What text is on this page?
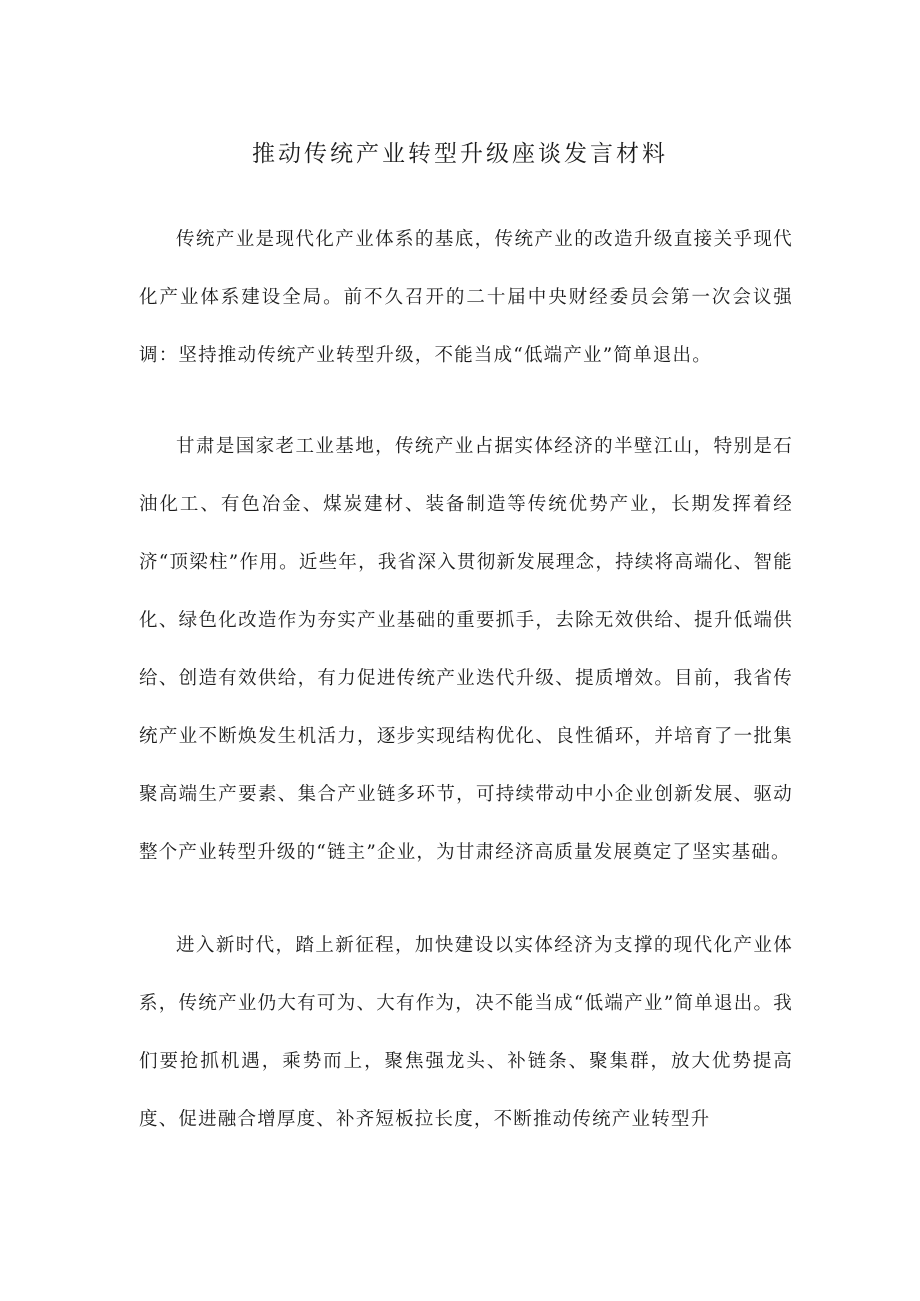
推动传统产业转型升级座谈发言材料

传统产业是现代化产业体系的基底，传统产业的改造升级直接关乎现代化产业体系建设全局。前不久召开的二十届中央财经委员会第一次会议强调：坚持推动传统产业转型升级，不能当成“低端产业”简单退出。

甘肃是国家老工业基地，传统产业占据实体经济的半壁江山，特别是石油化工、有色冶金、煤炭建材、装备制造等传统优势产业，长期发挥着经济“顶梁柱”作用。近些年，我省深入贯彻新发展理念，持续将高端化、智能化、绿色化改造作为夯实产业基础的重要抓手，去除无效供给、提升低端供给、创造有效供给，有力促进传统产业迭代升级、提质增效。目前，我省传统产业不断焕发生机活力，逐步实现结构优化、良性循环，并培育了一批集聚高端生产要素、集合产业链多环节，可持续带动中小企业创新发展、驱动整个产业转型升级的“链主”企业，为甘肃经济高质量发展奠定了坚实基础。

进入新时代，踏上新征程，加快建设以实体经济为支撑的现代化产业体系，传统产业仍大有可为、大有作为，决不能当成“低端产业”简单退出。我们要抢抓机遇，乘势而上，聚焦强龙头、补链条、聚集群，放大优势提高度、促进融合增厚度、补齐短板拉长度，不断推动传统产业转型升
